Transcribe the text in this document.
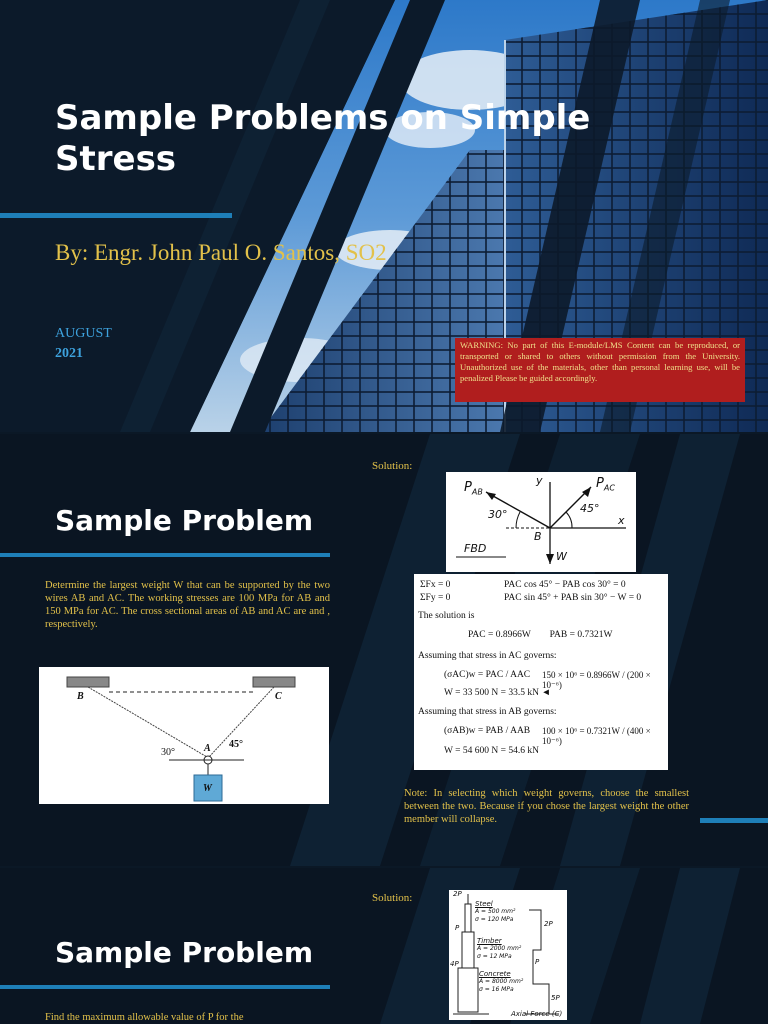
Sample Problems on Simple Stress
By: Engr. John Paul O. Santos, SO2
AUGUST
2021
WARNING: No part of this E-module/LMS Content can be reproduced, or transported or shared to others without permission from the University. Unauthorized use of the materials, other than personal learning use, will be penalized Please be guided accordingly.
Solution:
$P_{AB}$
$P_{AC}$
y
x
B
W
30°	45°
FBD
Sample Problem
Determine the largest weight W that can be supported by the two wires AB and AC. The working stresses are 100 MPa for AB and 150 MPa for AC. The cross sectional areas of AB and AC are and , respectively.
B	C
A
W
30°
45°
ΣFx = 0	PAC cos 45° − PAB cos 30° = 0
ΣFy = 0	PAC sin 45° + PAB sin 30° − W = 0
The solution is
PAC = 0.8966W        PAB = 0.7321W
Assuming that stress in AC governs:
(σAC)w = PAC / AAC 150 × 10⁶ = 0.8966W / (200 × 10⁻⁶)
W = 33 500 N = 33.5 kN ◄
Assuming that stress in AB governs:
(σAB)w = PAB / AAB 100 × 10⁶ = 0.7321W / (400 × 10⁻⁶)
W = 54 600 N = 54.6 kN
Note: In selecting which weight governs, choose the smallest between the two. Because if you chose the largest weight the other member will collapse.
Solution:	2P
Steel
A = 500 mm²
σ = 120 MPa
P
Timber
A = 2000 mm²
σ = 12 MPa
4P
Concrete
A = 8000 mm²
σ = 16 MPa
2P
P
5P
Axial Force (C)
Sample Problem
Find the maximum allowable value of P for the
